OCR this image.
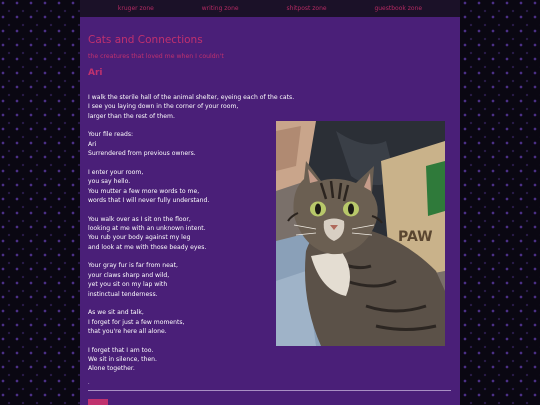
kruger zone	writing zone	shitpost zone	guestbook zone
Cats and Connections
the creatures that loved me when I couldn't
Ari
I walk the sterile hall of the animal shelter, eyeing each of the cats.
I see you laying down in the corner of your room,
larger than the rest of them.
Your file reads:
Ari
Surrendered from previous owners.
I enter your room,
you say hello.
You mutter a few more words to me,
words that I will never fully understand.
You walk over as I sit on the floor,
looking at me with an unknown intent.
You rub your body against my leg
and look at me with those beady eyes.
Your gray fur is far from neat,
your claws sharp and wild,
yet you sit on my lap with
instinctual tenderness.
As we sit and talk,
I forget for just a few moments,
that you're here all alone.
I forget that I am too.
We sit in silence, then.
Alone together.
PAW
.
